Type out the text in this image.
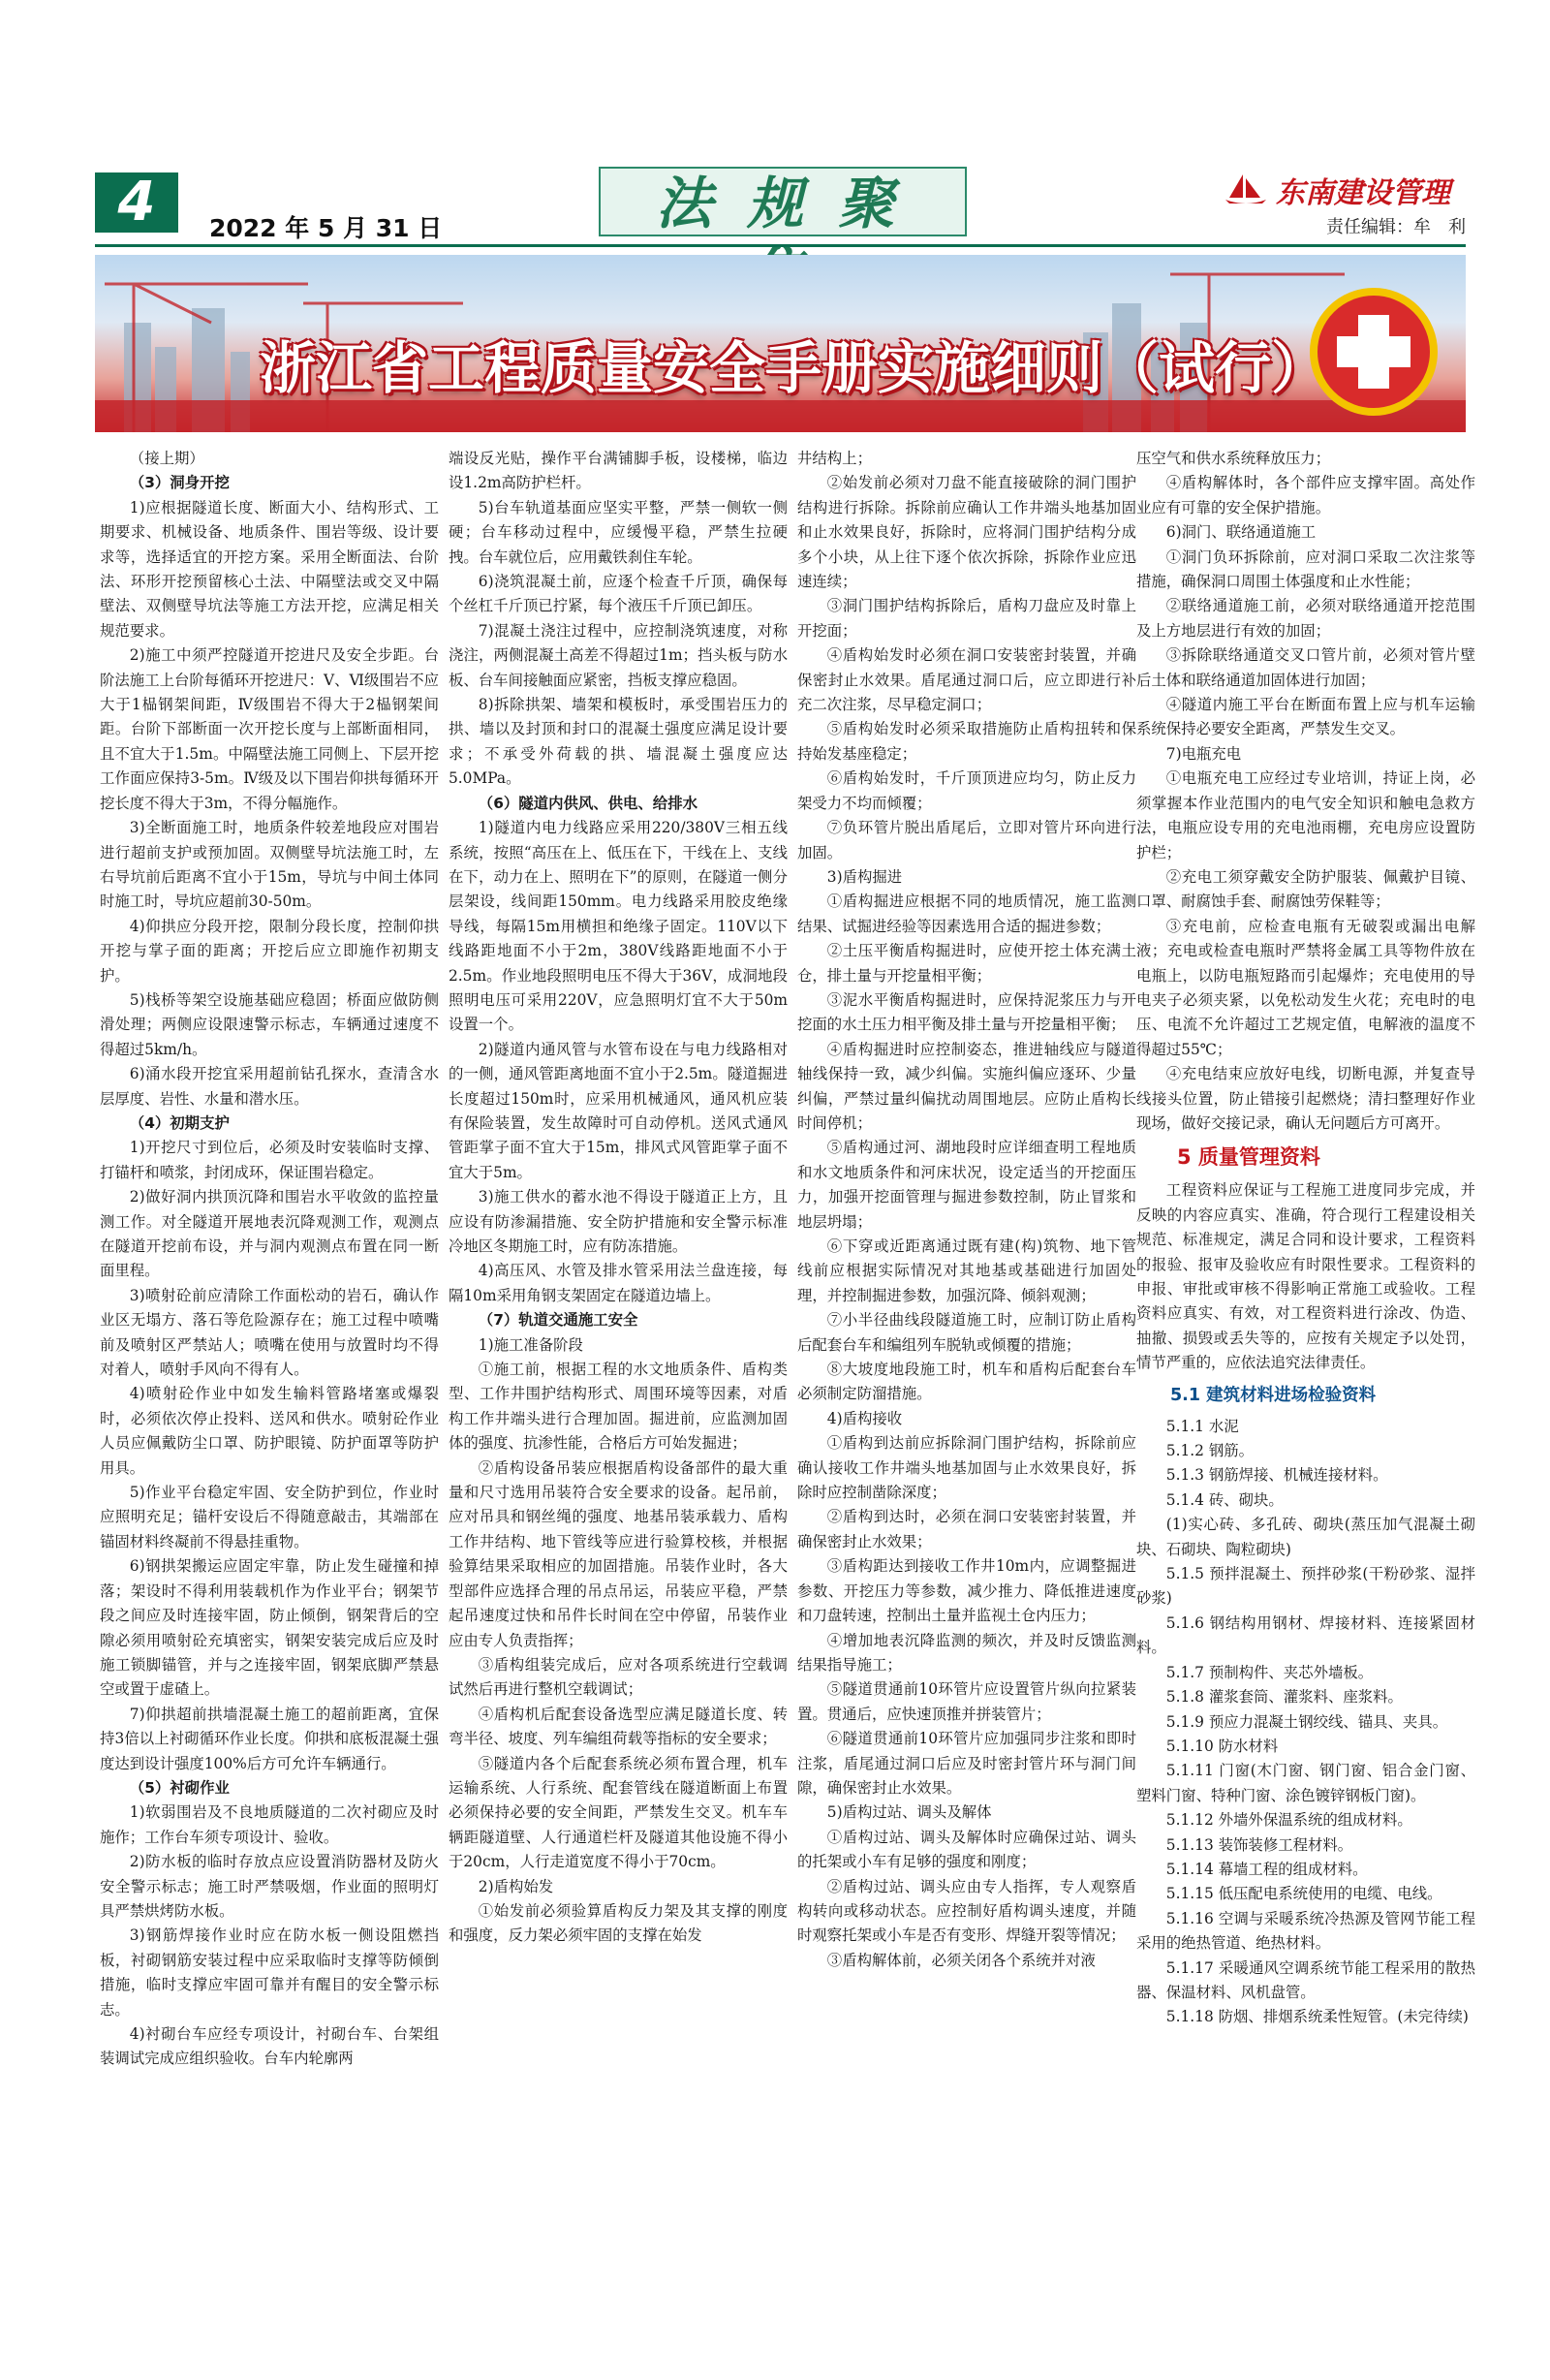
4	2022 年 5 月 31 日	法规聚	东南建设管理
责任编辑：牟　利
浙江省工程质量安全手册实施细则（试行）

（接上期）

（3）洞身开挖

1)应根据隧道长度、断面大小、结构形式、工期要求、机械设备、地质条件、围岩等级、设计要求等，选择适宜的开挖方案。采用全断面法、台阶法、环形开挖预留核心土法、中隔壁法或交叉中隔壁法、双侧壁导坑法等施工方法开挖，应满足相关规范要求。

2)施工中须严控隧道开挖进尺及安全步距。台阶法施工上台阶每循环开挖进尺：Ⅴ、Ⅵ级围岩不应大于1榀钢架间距，Ⅳ级围岩不得大于2榀钢架间距。台阶下部断面一次开挖长度与上部断面相同，且不宜大于1.5m。中隔壁法施工同侧上、下层开挖工作面应保持3-5m。Ⅳ级及以下围岩仰拱每循环开挖长度不得大于3m，不得分幅施作。

3)全断面施工时，地质条件较差地段应对围岩进行超前支护或预加固。双侧壁导坑法施工时，左右导坑前后距离不宜小于15m，导坑与中间土体同时施工时，导坑应超前30-50m。

4)仰拱应分段开挖，限制分段长度，控制仰拱开挖与掌子面的距离；开挖后应立即施作初期支护。

5)栈桥等架空设施基础应稳固；桥面应做防侧滑处理；两侧应设限速警示标志，车辆通过速度不得超过5km/h。

6)涌水段开挖宜采用超前钻孔探水，查清含水层厚度、岩性、水量和潜水压。

（4）初期支护

1)开挖尺寸到位后，必须及时安装临时支撑、打锚杆和喷浆，封闭成环，保证围岩稳定。

2)做好洞内拱顶沉降和围岩水平收敛的监控量测工作。对全隧道开展地表沉降观测工作，观测点在隧道开挖前布设，并与洞内观测点布置在同一断面里程。

3)喷射砼前应清除工作面松动的岩石，确认作业区无塌方、落石等危险源存在；施工过程中喷嘴前及喷射区严禁站人；喷嘴在使用与放置时均不得对着人，喷射手风向不得有人。

4)喷射砼作业中如发生输料管路堵塞或爆裂时，必须依次停止投料、送风和供水。喷射砼作业人员应佩戴防尘口罩、防护眼镜、防护面罩等防护用具。

5)作业平台稳定牢固、安全防护到位，作业时应照明充足；锚杆安设后不得随意敲击，其端部在锚固材料终凝前不得悬挂重物。

6)钢拱架搬运应固定牢靠，防止发生碰撞和掉落；架设时不得利用装载机作为作业平台；钢架节段之间应及时连接牢固，防止倾倒，钢架背后的空隙必须用喷射砼充填密实，钢架安装完成后应及时施工锁脚锚管，并与之连接牢固，钢架底脚严禁悬空或置于虚碴上。

7)仰拱超前拱墙混凝土施工的超前距离，宜保持3倍以上衬砌循环作业长度。仰拱和底板混凝土强度达到设计强度100%后方可允许车辆通行。

（5）衬砌作业

1)软弱围岩及不良地质隧道的二次衬砌应及时施作；工作台车须专项设计、验收。

2)防水板的临时存放点应设置消防器材及防火安全警示标志；施工时严禁吸烟，作业面的照明灯具严禁烘烤防水板。

3)钢筋焊接作业时应在防水板一侧设阻燃挡板，衬砌钢筋安装过程中应采取临时支撑等防倾倒措施，临时支撑应牢固可靠并有醒目的安全警示标志。

4)衬砌台车应经专项设计，衬砌台车、台架组装调试完成应组织验收。台车内轮廓两

端设反光贴，操作平台满铺脚手板，设楼梯，临边设1.2m高防护栏杆。

5)台车轨道基面应坚实平整，严禁一侧软一侧硬；台车移动过程中，应缓慢平稳，严禁生拉硬拽。台车就位后，应用戴铁刹住车轮。

6)浇筑混凝土前，应逐个检查千斤顶，确保每个丝杠千斤顶已拧紧，每个液压千斤顶已卸压。

7)混凝土浇注过程中，应控制浇筑速度，对称浇注，两侧混凝土高差不得超过1m；挡头板与防水板、台车间接触面应紧密，挡板支撑应稳固。

8)拆除拱架、墙架和模板时，承受围岩压力的拱、墙以及封顶和封口的混凝土强度应满足设计要求；不承受外荷载的拱、墙混凝土强度应达5.0MPa。

（6）隧道内供风、供电、给排水

1)隧道内电力线路应采用220/380V三相五线系统，按照“高压在上、低压在下，干线在上、支线在下，动力在上、照明在下”的原则，在隧道一侧分层架设，线间距150mm。电力线路采用胶皮绝缘导线，每隔15m用横担和绝缘子固定。110V以下线路距地面不小于2m，380V线路距地面不小于2.5m。作业地段照明电压不得大于36V，成洞地段照明电压可采用220V，应急照明灯宜不大于50m设置一个。

2)隧道内通风管与水管布设在与电力线路相对的一侧，通风管距离地面不宜小于2.5m。隧道掘进长度超过150m时，应采用机械通风，通风机应装有保险装置，发生故障时可自动停机。送风式通风管距掌子面不宜大于15m，排风式风管距掌子面不宜大于5m。

3)施工供水的蓄水池不得设于隧道正上方，且应设有防渗漏措施、安全防护措施和安全警示标准冷地区冬期施工时，应有防冻措施。

4)高压风、水管及排水管采用法兰盘连接，每隔10m采用角钢支架固定在隧道边墙上。

（7）轨道交通施工安全

1)施工准备阶段

①施工前，根据工程的水文地质条件、盾构类型、工作井围护结构形式、周围环境等因素，对盾构工作井端头进行合理加固。掘进前，应监测加固体的强度、抗渗性能，合格后方可始发掘进；

②盾构设备吊装应根据盾构设备部件的最大重量和尺寸选用吊装符合安全要求的设备。起吊前，应对吊具和钢丝绳的强度、地基吊装承载力、盾构工作井结构、地下管线等应进行验算校核，并根据验算结果采取相应的加固措施。吊装作业时，各大型部件应选择合理的吊点吊运，吊装应平稳，严禁起吊速度过快和吊件长时间在空中停留，吊装作业应由专人负责指挥；

③盾构组装完成后，应对各项系统进行空载调试然后再进行整机空载调试；

④盾构机后配套设备选型应满足隧道长度、转弯半径、坡度、列车编组荷载等指标的安全要求；

⑤隧道内各个后配套系统必须布置合理，机车运输系统、人行系统、配套管线在隧道断面上布置必须保持必要的安全间距，严禁发生交叉。机车车辆距隧道壁、人行通道栏杆及隧道其他设施不得小于20cm，人行走道宽度不得小于70cm。

2)盾构始发

①始发前必须验算盾构反力架及其支撑的刚度和强度，反力架必须牢固的支撑在始发

井结构上；

②始发前必须对刀盘不能直接破除的洞门围护结构进行拆除。拆除前应确认工作井端头地基加固和止水效果良好，拆除时，应将洞门围护结构分成多个小块，从上往下逐个依次拆除，拆除作业应迅速连续；

③洞门围护结构拆除后，盾构刀盘应及时靠上开挖面；

④盾构始发时必须在洞口安装密封装置，并确保密封止水效果。盾尾通过洞口后，应立即进行补充二次注浆，尽早稳定洞口；

⑤盾构始发时必须采取措施防止盾构扭转和保持始发基座稳定；

⑥盾构始发时，千斤顶顶进应均匀，防止反力架受力不均而倾覆；

⑦负环管片脱出盾尾后，立即对管片环向进行加固。

3)盾构掘进

①盾构掘进应根据不同的地质情况，施工监测结果、试掘进经验等因素选用合适的掘进参数；

②土压平衡盾构掘进时，应使开挖土体充满土仓，排土量与开挖量相平衡；

③泥水平衡盾构掘进时，应保持泥浆压力与开挖面的水土压力相平衡及排土量与开挖量相平衡；

④盾构掘进时应控制姿态，推进轴线应与隧道轴线保持一致，减少纠偏。实施纠偏应逐环、少量纠偏，严禁过量纠偏扰动周围地层。应防止盾构长时间停机；

⑤盾构通过河、湖地段时应详细查明工程地质和水文地质条件和河床状况，设定适当的开挖面压力，加强开挖面管理与掘进参数控制，防止冒浆和地层坍塌；

⑥下穿或近距离通过既有建(构)筑物、地下管线前应根据实际情况对其地基或基础进行加固处理，并控制掘进参数，加强沉降、倾斜观测；

⑦小半径曲线段隧道施工时，应制订防止盾构后配套台车和编组列车脱轨或倾覆的措施；

⑧大坡度地段施工时，机车和盾构后配套台车必须制定防溜措施。

4)盾构接收

①盾构到达前应拆除洞门围护结构，拆除前应确认接收工作井端头地基加固与止水效果良好，拆除时应控制凿除深度；

②盾构到达时，必须在洞口安装密封装置，并确保密封止水效果；

③盾构距达到接收工作井10m内，应调整掘进参数、开挖压力等参数，减少推力、降低推进速度和刀盘转速，控制出土量并监视土仓内压力；

④增加地表沉降监测的频次，并及时反馈监测结果指导施工；

⑤隧道贯通前10环管片应设置管片纵向拉紧装置。贯通后，应快速顶推并拼装管片；

⑥隧道贯通前10环管片应加强同步注浆和即时注浆，盾尾通过洞口后应及时密封管片环与洞门间隙，确保密封止水效果。

5)盾构过站、调头及解体

①盾构过站、调头及解体时应确保过站、调头的托架或小车有足够的强度和刚度；

②盾构过站、调头应由专人指挥，专人观察盾构转向或移动状态。应控制好盾构调头速度，并随时观察托架或小车是否有变形、焊缝开裂等情况；

③盾构解体前，必须关闭各个系统并对液

压空气和供水系统释放压力；

④盾构解体时，各个部件应支撑牢固。高处作业应有可靠的安全保护措施。

6)洞门、联络通道施工

①洞门负环拆除前，应对洞口采取二次注浆等措施，确保洞口周围土体强度和止水性能；

②联络通道施工前，必须对联络通道开挖范围及上方地层进行有效的加固；

③拆除联络通道交叉口管片前，必须对管片壁后土体和联络通道加固体进行加固；

④隧道内施工平台在断面布置上应与机车运输系统保持必要安全距离，严禁发生交叉。

7)电瓶充电

①电瓶充电工应经过专业培训，持证上岗，必须掌握本作业范围内的电气安全知识和触电急救方法，电瓶应设专用的充电池雨棚，充电房应设置防护栏；

②充电工须穿戴安全防护服装、佩戴护目镜、口罩、耐腐蚀手套、耐腐蚀劳保鞋等；

③充电前，应检查电瓶有无破裂或漏出电解液；充电或检查电瓶时严禁将金属工具等物件放在电瓶上，以防电瓶短路而引起爆炸；充电使用的导电夹子必须夹紧，以免松动发生火花；充电时的电压、电流不允许超过工艺规定值，电解液的温度不得超过55℃；

④充电结束应放好电线，切断电源，并复查导线接头位置，防止错接引起燃烧；清扫整理好作业现场，做好交接记录，确认无问题后方可离开。

5 质量管理资料

工程资料应保证与工程施工进度同步完成，并反映的内容应真实、准确，符合现行工程建设相关规范、标准规定，满足合同和设计要求，工程资料的报验、报审及验收应有时限性要求。工程资料的申报、审批或审核不得影响正常施工或验收。工程资料应真实、有效，对工程资料进行涂改、伪造、抽撤、损毁或丢失等的，应按有关规定予以处罚，情节严重的，应依法追究法律责任。

5.1 建筑材料进场检验资料

5.1.1 水泥

5.1.2 钢筋。

5.1.3 钢筋焊接、机械连接材料。

5.1.4 砖、砌块。

(1)实心砖、多孔砖、砌块(蒸压加气混凝土砌块、石砌块、陶粒砌块)

5.1.5 预拌混凝土、预拌砂浆(干粉砂浆、湿拌砂浆)

5.1.6 钢结构用钢材、焊接材料、连接紧固材料。

5.1.7 预制构件、夹芯外墙板。

5.1.8 灌浆套筒、灌浆料、座浆料。

5.1.9 预应力混凝土钢绞线、锚具、夹具。

5.1.10 防水材料

5.1.11 门窗(木门窗、钢门窗、铝合金门窗、塑料门窗、特种门窗、涂色镀锌钢板门窗)。

5.1.12 外墙外保温系统的组成材料。

5.1.13 装饰装修工程材料。

5.1.14 幕墙工程的组成材料。

5.1.15 低压配电系统使用的电缆、电线。

5.1.16 空调与采暖系统冷热源及管网节能工程采用的绝热管道、绝热材料。

5.1.17 采暖通风空调系统节能工程采用的散热器、保温材料、风机盘管。

5.1.18 防烟、排烟系统柔性短管。(未完待续)
